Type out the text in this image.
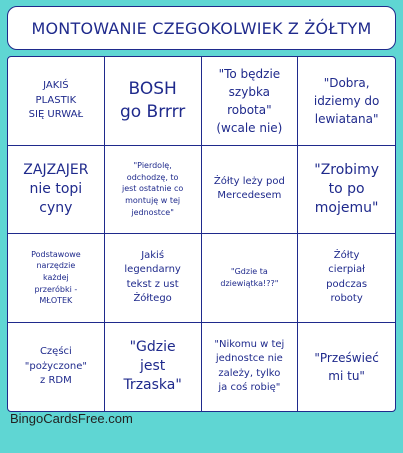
MONTOWANIE CZEGOKOLWIEK Z ŻÓŁTYM
JAKIŚ
PLASTIK
SIĘ URWAŁ
BOSH
go Brrrr
"To będzie
szybka
robota"
(wcale nie)
"Dobra,
idziemy do
lewiatana"
ZAJZAJER
nie topi
cyny
"Pierdolę,
odchodzę, to
jest ostatnie co
montuję w tej
jednostce"
Żółty leży pod
Mercedesem
"Zrobimy
to po
mojemu"
Podstawowe
narzędzie
każdej
przeróbki -
MŁOTEK
Jakiś
legendarny
tekst z ust
Żółtego
"Gdzie ta
dziewiątka!??"
Żółty
cierpiał
podczas
roboty
Części
"pożyczone"
z RDM
"Gdzie
jest
Trzaska"
"Nikomu w tej
jednostce nie
zależy, tylko
ja coś robię"
"Prześwieć
mi tu"
BingoCardsFree.com
